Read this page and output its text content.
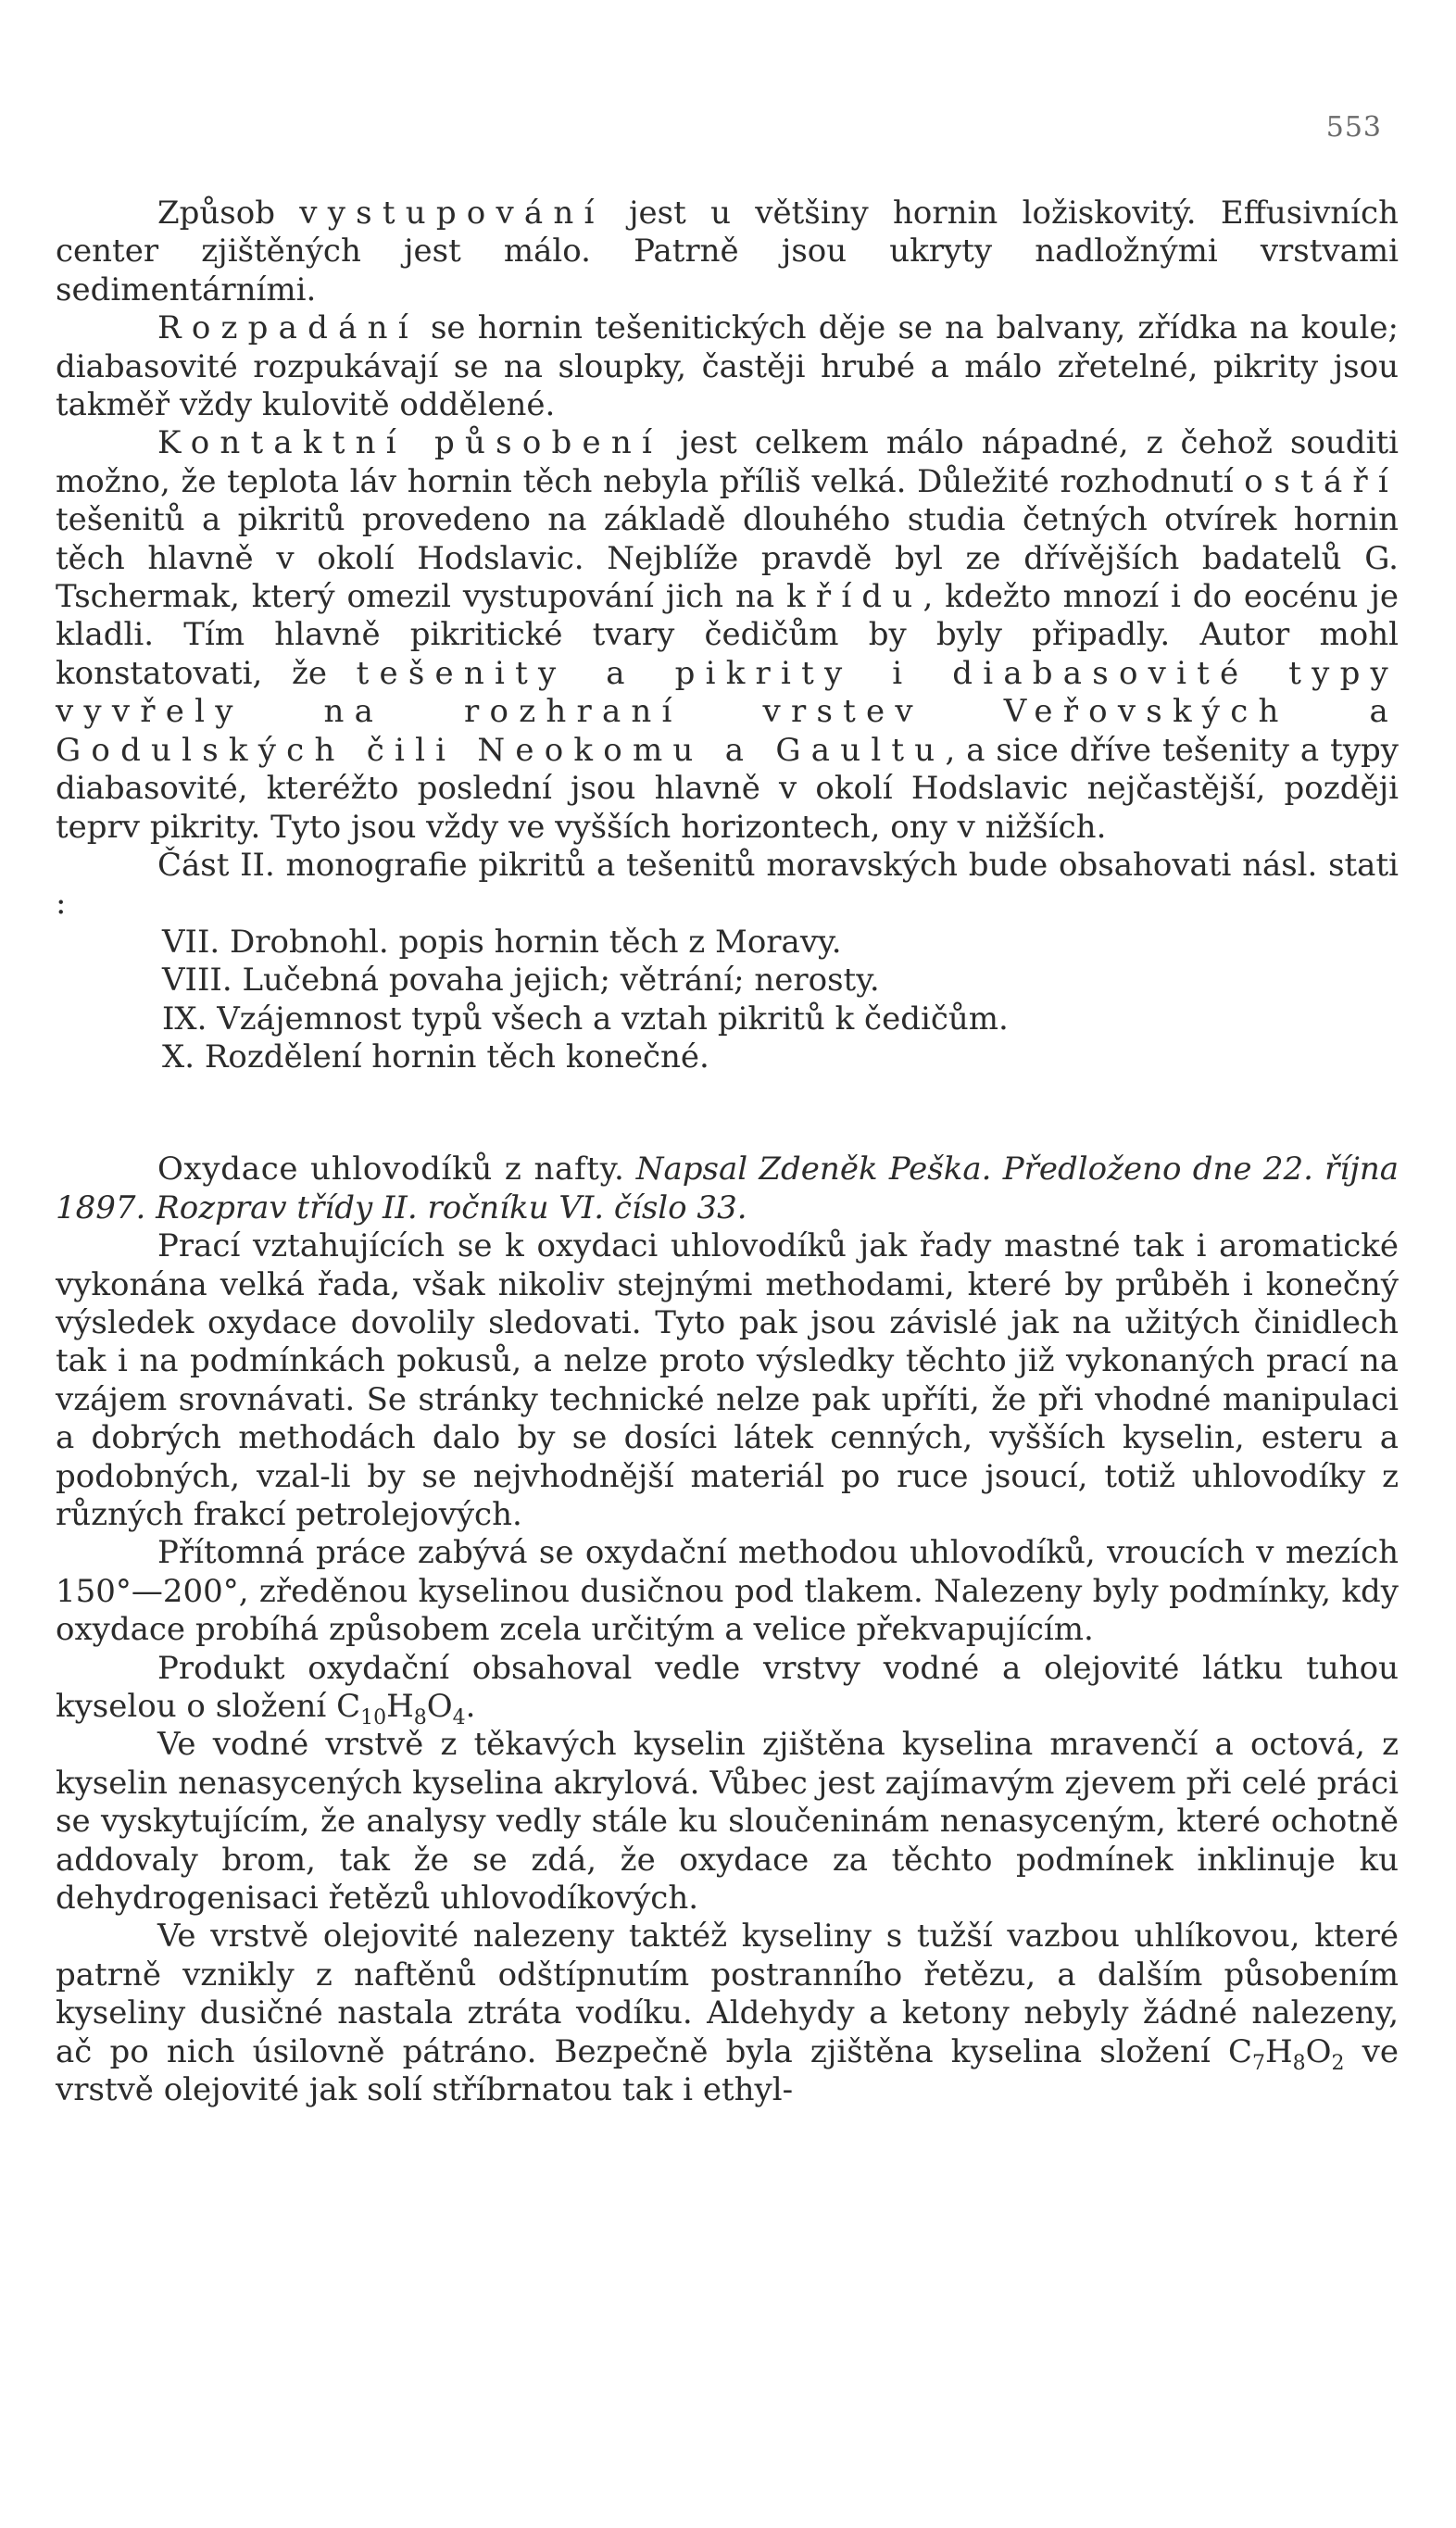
553

Způsob vystupování jest u většiny hornin ložiskovitý. Effusivních center zjištěných jest málo. Patrně jsou ukryty nadložnými vrstvami sedimentárními.

Rozpadání se hornin tešenitických děje se na balvany, zřídka na koule; diabasovité rozpukávají se na sloupky, častěji hrubé a málo zřetelné, pikrity jsou takměř vždy kulovitě oddělené.

Kontaktní působení jest celkem málo nápadné, z čehož souditi možno, že teplota láv hornin těch nebyla příliš velká. Důležité rozhodnutí o stáří tešenitů a pikritů provedeno na základě dlouhého studia četných otvírek hornin těch hlavně v okolí Hodslavic. Nejblíže pravdě byl ze dřívějších badatelů G. Tschermak, který omezil vystupování jich na křídu, kdežto mnozí i do eocénu je kladli. Tím hlavně pikritické tvary čedičům by byly připadly. Autor mohl konstatovati, že tešenity a pikrity i diabasovité typy vyvřely na rozhraní vrstev Veřovských a Godulských čili Neokomu a Gaultu, a sice dříve tešenity a typy diabasovité, kteréžto poslední jsou hlavně v okolí Hodslavic nejčastější, později teprv pikrity. Tyto jsou vždy ve vyšších horizontech, ony v nižších.

Část II. monografie pikritů a tešenitů moravských bude obsahovati násl. stati :

VII. Drobnohl. popis hornin těch z Moravy.

VIII. Lučebná povaha jejich; větrání; nerosty.

IX. Vzájemnost typů všech a vztah pikritů k čedičům.

X. Rozdělení hornin těch konečné.

Oxydace uhlovodíků z nafty. Napsal Zdeněk Peška. Předloženo dne 22. října 1897. Rozprav třídy II. ročníku VI. číslo 33.

Prací vztahujících se k oxydaci uhlovodíků jak řady mastné tak i aromatické vykonána velká řada, však nikoliv stejnými methodami, které by průběh i konečný výsledek oxydace dovolily sledovati. Tyto pak jsou závislé jak na užitých činidlech tak i na podmínkách pokusů, a nelze proto výsledky těchto již vykonaných prací na vzájem srovnávati. Se stránky technické nelze pak upříti, že při vhodné manipulaci a dobrých methodách dalo by se dosíci látek cenných, vyšších kyselin, esteru a podobných, vzal-li by se nejvhodnější materiál po ruce jsoucí, totiž uhlovodíky z různých frakcí petrolejových.

Přítomná práce zabývá se oxydační methodou uhlovodíků, vroucích v mezích 150°—200°, zředěnou kyselinou dusičnou pod tlakem. Nalezeny byly podmínky, kdy oxydace probíhá způsobem zcela určitým a velice překvapujícím.

Produkt oxydační obsahoval vedle vrstvy vodné a olejovité látku tuhou kyselou o složení $C_{10}H_8O_4$.

Ve vodné vrstvě z těkavých kyselin zjištěna kyselina mravenčí a octová, z kyselin nenasycených kyselina akrylová. Vůbec jest zajímavým zjevem při celé práci se vyskytujícím, že analysy vedly stále ku sloučeninám nenasyceným, které ochotně addovaly brom, tak že se zdá, že oxydace za těchto podmínek inklinuje ku dehydrogenisaci řetězů uhlovodíkových.

Ve vrstvě olejovité nalezeny taktéž kyseliny s tužší vazbou uhlíkovou, které patrně vznikly z naftěnů odštípnutím postranního řetězu, a dalším působením kyseliny dusičné nastala ztráta vodíku. Aldehydy a ketony nebyly žádné nalezeny, ač po nich úsilovně pátráno. Bezpečně byla zjištěna kyselina složení $C_7H_8O_2$ ve vrstvě olejovité jak solí stříbrnatou tak i ethyl-
